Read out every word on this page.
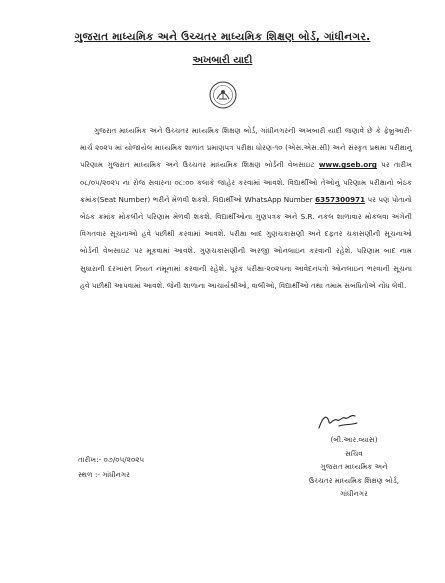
ગુજરાત માધ્યમિક અને ઉચ્ચતર માધ્યમિક શિક્ષણ બોર્ડ, ગાંધીનગર.
અખબારી યાદી

ગુજરાત માધ્યમિક અને ઉચ્ચતર માધ્યમિક શિક્ષણ બોર્ડ, ગાંધીનગરની અખબારી યાદી જણાવે છે કે ફેબ્રુઆરી-માર્ચ ૨૦૨૫ માં યોજાયેલ માધ્યમિક શાળાંત પ્રમાણપત્ર પરીક્ષા ધોરણ-૧૦ (એસ.એસ.સી) અને સંસ્કૃત પ્રથમા પરીક્ષાનું પરિણામ ગુજરાત માધ્યમિક અને ઉચ્ચતર માધ્યમિક શિક્ષણ બોર્ડની વેબસાઇટ www.gseb.org પર તારીખ ૦૮/૦૫/૨૦૨૫ ના રોજ સવારના ૦૮:૦૦ કલાકે જાહેર કરવામાં આવશે. વિદ્યાર્થીઓ તેઓનું પરિણામ પરીક્ષાનો બેઠક ક્રમાંક(Seat Number) ભરીને મેળવી શકશે. વિદ્યાર્થીઓ WhatsApp Number 6357300971 પર પણ પોતાનો બેઠક ક્રમાંક મોકલીને પરિણામ મેળવી શકશે. વિદ્યાર્થીઓના ગુણપત્રક અને S.R. નકલ શાળાવાર મોકલવા અંગેની વિગતવાર સૂચનાઓ હવે પછીથી કરવામાં આવશે. પરીક્ષા બાદ ગુણચકાસણી અને દફતર ચકાસણીની સૂચનાઓ બોર્ડની વેબસાઇટ પર મૂકવામાં આવશે. ગુણચકાસણીની અરજી ઓનલાઇન કરવાની રહેશે. પરિણામ બાદ નામ સુધારાની દરખાસ્ત નિયત નમૂનામાં કરવાની રહેશે. પૂરક પરીક્ષા-૨૦૨૫ના આવેદનપત્રો ઓનલાઇન ભરવાની સૂચના હવે પછીથી આપવામાં આવશે. જેની શાળાના આચાર્યશ્રીઓ, વાલીઓ, વિદ્યાર્થીઓ તથા તમામ સંબંધિતોએ નોંધ લેવી.

(બી.આર.વ્યાસ)
સચિવ
ગુજરાત માધ્યમિક અને
ઉચ્ચતર માધ્યમિક શિક્ષણ બોર્ડ,
ગાંધીનગર
તારીખ:- ૦૭/૦૫/૨૦૨૫
સ્થળ :- ગાંધીનગર
